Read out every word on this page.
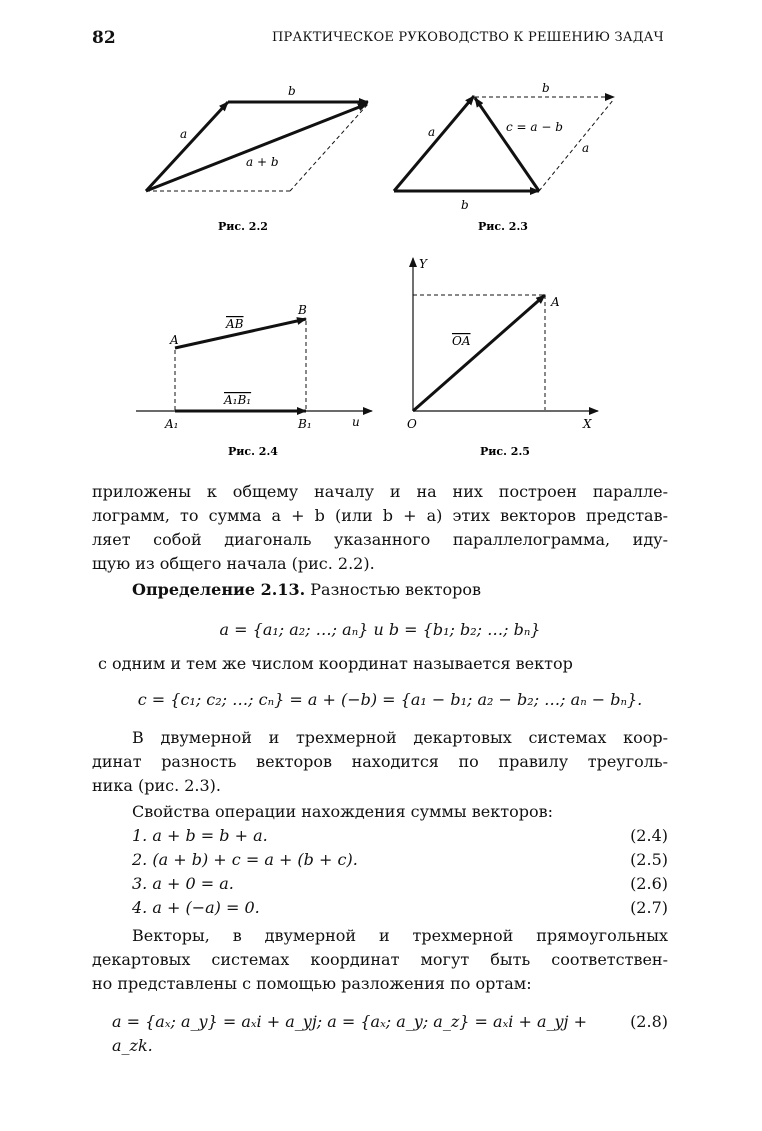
82	ПРАКТИЧЕСКОЕ РУКОВОДСТВО К РЕШЕНИЮ ЗАДАЧ
b
a
a + b
Рис. 2.2
b
a	c = a − b
a
b
Рис. 2.3
AB
B
A
A₁B₁
A₁	B₁	u
Рис. 2.4
Y
A
OA
O	X
Рис. 2.5
приложены к общему началу и на них построен паралле-
лограмм, то сумма a + b (или b + a) этих векторов представ-
ляет собой диагональ указанного параллелограмма, иду-
щую из общего начала (рис. 2.2).
Определение 2.13. Разностью векторов
a = {a₁; a₂; …; aₙ} и b = {b₁; b₂; …; bₙ}
с одним и тем же числом координат называется вектор
c = {c₁; c₂; …; cₙ} = a + (−b) = {a₁ − b₁; a₂ − b₂; …; aₙ − bₙ}.
В двумерной и трехмерной декартовых системах коор-
динат разность векторов находится по правилу треуголь-
ника (рис. 2.3).
Свойства операции нахождения суммы векторов:
1. a + b = b + a.	(2.4)
2. (a + b) + c = a + (b + c).	(2.5)
3. a + 0 = a.	(2.6)
4. a + (−a) = 0.	(2.7)
Векторы, в двумерной и трехмерной прямоугольных
декартовых системах координат могут быть соответствен-
но представлены с помощью разложения по ортам:
a = {aₓ; a_y} = aₓi + a_yj; a = {aₓ; a_y; a_z} = aₓi + a_yj + a_zk.
(2.8)
